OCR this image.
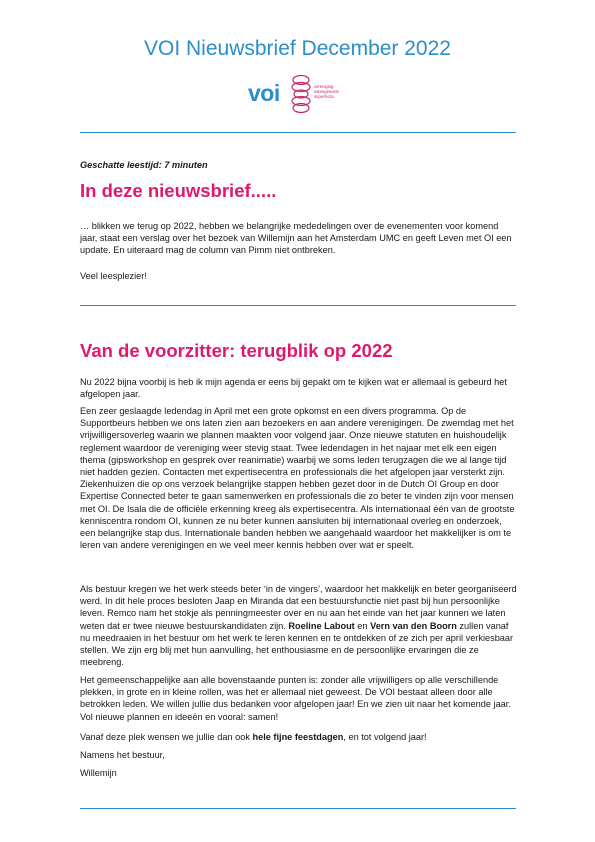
VOI Nieuwsbrief December 2022
voi	vereniging osteogenesis imperfecta

Geschatte leestijd: 7 minuten

In deze nieuwsbrief.....

… blikken we terug op 2022, hebben we belangrijke mededelingen over de evenementen voor komend jaar, staat een verslag over het bezoek van Willemijn aan het Amsterdam UMC en geeft Leven met OI een update. En uiteraard mag de column van Pimm niet ontbreken.

Veel leesplezier!

Van de voorzitter: terugblik op 2022

Nu 2022 bijna voorbij is heb ik mijn agenda er eens bij gepakt om te kijken wat er allemaal is gebeurd het afgelopen jaar.

Een zeer geslaagde ledendag in April met een grote opkomst en een divers programma. Op de Supportbeurs hebben we ons laten zien aan bezoekers en aan andere verenigingen. De zwemdag met het vrijwilligersoverleg waarin we plannen maakten voor volgend jaar. Onze nieuwe statuten en huishoudelijk reglement waardoor de vereniging weer stevig staat. Twee ledendagen in het najaar met elk een eigen thema (gipsworkshop en gesprek over reanimatie) waarbij we soms leden terugzagen die we al lange tijd niet hadden gezien. Contacten met expertisecentra en professionals die het afgelopen jaar versterkt zijn. Ziekenhuizen die op ons verzoek belangrijke stappen hebben gezet door in de Dutch OI Group en door Expertise Connected beter te gaan samenwerken en professionals die zo beter te vinden zijn voor mensen met OI. De Isala die de officiële erkenning kreeg als expertisecentra. Als internationaal één van de grootste kenniscentra rondom OI, kunnen ze nu beter kunnen aansluiten bij internationaal overleg en onderzoek, een belangrijke stap dus. Internationale banden hebben we aangehaald waardoor het makkelijker is om te leren van andere verenigingen en we veel meer kennis hebben over wat er speelt.

Als bestuur kregen we het werk steeds beter ‘in de vingers’, waardoor het makkelijk en beter georganiseerd werd. In dit hele proces besloten Jaap en Miranda dat een bestuursfunctie niet past bij hun persoonlijke leven. Remco nam het stokje als penningmeester over en nu aan het einde van het jaar kunnen we laten weten dat er twee nieuwe bestuurskandidaten zijn. Roeline Labout en Vern van den Boorn zullen vanaf nu meedraaien in het bestuur om het werk te leren kennen en te ontdekken of ze zich per april verkiesbaar stellen. We zijn erg blij met hun aanvulling, het enthousiasme en de persoonlijke ervaringen die ze meebreng.

Het gemeenschappelijke aan alle bovenstaande punten is: zonder alle vrijwilligers op alle verschillende plekken, in grote en in kleine rollen, was het er allemaal niet geweest. De VOI bestaat alleen door alle betrokken leden. We willen jullie dus bedanken voor afgelopen jaar! En we zien uit naar het komende jaar. Vol nieuwe plannen en ideeën en vooral: samen!

Vanaf deze plek wensen we jullie dan ook hele fijne feestdagen, en tot volgend jaar!

Namens het bestuur,

Willemijn
